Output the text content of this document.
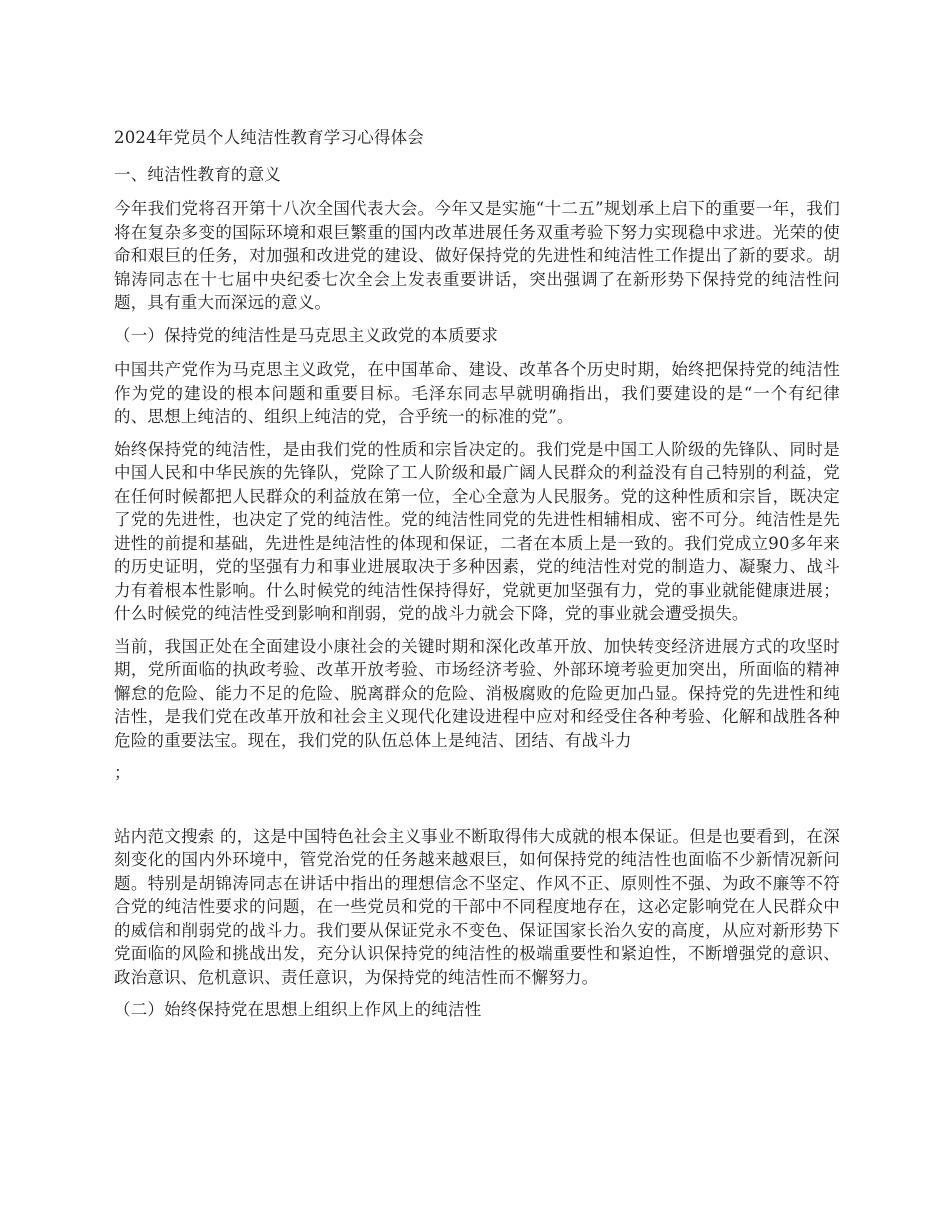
2024年党员个人纯洁性教育学习心得体会
一、纯洁性教育的意义

今年我们党将召开第十八次全国代表大会。今年又是实施“十二五”规划承上启下的重要一年，我们将在复杂多变的国际环境和艰巨繁重的国内改革进展任务双重考验下努力实现稳中求进。光荣的使命和艰巨的任务，对加强和改进党的建设、做好保持党的先进性和纯洁性工作提出了新的要求。胡锦涛同志在十七届中央纪委七次全会上发表重要讲话，突出强调了在新形势下保持党的纯洁性问题，具有重大而深远的意义。

（一）保持党的纯洁性是马克思主义政党的本质要求

中国共产党作为马克思主义政党，在中国革命、建设、改革各个历史时期，始终把保持党的纯洁性作为党的建设的根本问题和重要目标。毛泽东同志早就明确指出，我们要建设的是“一个有纪律的、思想上纯洁的、组织上纯洁的党，合乎统一的标准的党”。

始终保持党的纯洁性，是由我们党的性质和宗旨决定的。我们党是中国工人阶级的先锋队、同时是中国人民和中华民族的先锋队，党除了工人阶级和最广阔人民群众的利益没有自己特别的利益，党在任何时候都把人民群众的利益放在第一位，全心全意为人民服务。党的这种性质和宗旨，既决定了党的先进性，也决定了党的纯洁性。党的纯洁性同党的先进性相辅相成、密不可分。纯洁性是先进性的前提和基础，先进性是纯洁性的体现和保证，二者在本质上是一致的。我们党成立90多年来的历史证明，党的坚强有力和事业进展取决于多种因素，党的纯洁性对党的制造力、凝聚力、战斗力有着根本性影响。什么时候党的纯洁性保持得好，党就更加坚强有力，党的事业就能健康进展；什么时候党的纯洁性受到影响和削弱，党的战斗力就会下降，党的事业就会遭受损失。

当前，我国正处在全面建设小康社会的关键时期和深化改革开放、加快转变经济进展方式的攻坚时期，党所面临的执政考验、改革开放考验、市场经济考验、外部环境考验更加突出，所面临的精神懈怠的危险、能力不足的危险、脱离群众的危险、消极腐败的危险更加凸显。保持党的先进性和纯洁性，是我们党在改革开放和社会主义现代化建设进程中应对和经受住各种考验、化解和战胜各种危险的重要法宝。现在，我们党的队伍总体上是纯洁、团结、有战斗力

；

站内范文搜索 的，这是中国特色社会主义事业不断取得伟大成就的根本保证。但是也要看到，在深刻变化的国内外环境中，管党治党的任务越来越艰巨，如何保持党的纯洁性也面临不少新情况新问题。特别是胡锦涛同志在讲话中指出的理想信念不坚定、作风不正、原则性不强、为政不廉等不符合党的纯洁性要求的问题，在一些党员和党的干部中不同程度地存在，这必定影响党在人民群众中的威信和削弱党的战斗力。我们要从保证党永不变色、保证国家长治久安的高度，从应对新形势下党面临的风险和挑战出发，充分认识保持党的纯洁性的极端重要性和紧迫性，不断增强党的意识、政治意识、危机意识、责任意识，为保持党的纯洁性而不懈努力。

（二）始终保持党在思想上组织上作风上的纯洁性
